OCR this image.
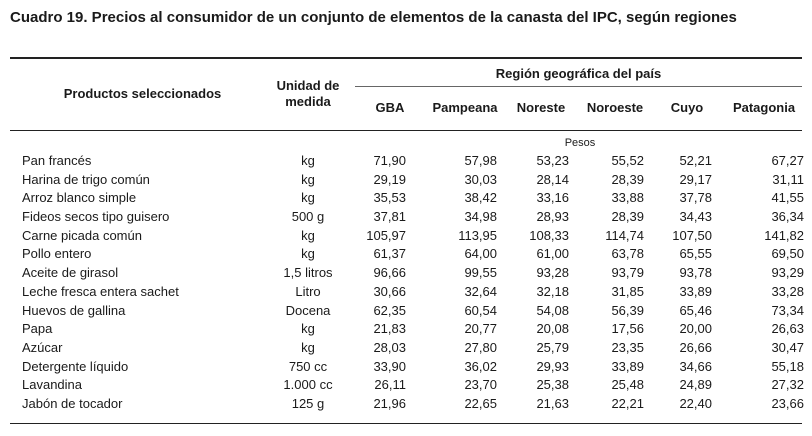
Cuadro 19. Precios al consumidor de un conjunto de elementos de la canasta del IPC, según regiones
Productos seleccionados
Unidad de
medida
Región geográfica del país
GBA	Pampeana	Noreste	Noroeste	Cuyo	Patagonia
Pesos
Pan francés	kg	71,90	57,98	53,23	55,52	52,21	67,27
Harina de trigo común	kg	29,19	30,03	28,14	28,39	29,17	31,11
Arroz blanco simple	kg	35,53	38,42	33,16	33,88	37,78	41,55
Fideos secos tipo guisero	500 g	37,81	34,98	28,93	28,39	34,43	36,34
Carne picada común	kg	105,97	113,95	108,33	114,74	107,50	141,82
Pollo entero	kg	61,37	64,00	61,00	63,78	65,55	69,50
Aceite de girasol	1,5 litros	96,66	99,55	93,28	93,79	93,78	93,29
Leche fresca entera sachet	Litro	30,66	32,64	32,18	31,85	33,89	33,28
Huevos de gallina	Docena	62,35	60,54	54,08	56,39	65,46	73,34
Papa	kg	21,83	20,77	20,08	17,56	20,00	26,63
Azúcar	kg	28,03	27,80	25,79	23,35	26,66	30,47
Detergente líquido	750 cc	33,90	36,02	29,93	33,89	34,66	55,18
Lavandina	1.000 cc	26,11	23,70	25,38	25,48	24,89	27,32
Jabón de tocador	125 g	21,96	22,65	21,63	22,21	22,40	23,66
